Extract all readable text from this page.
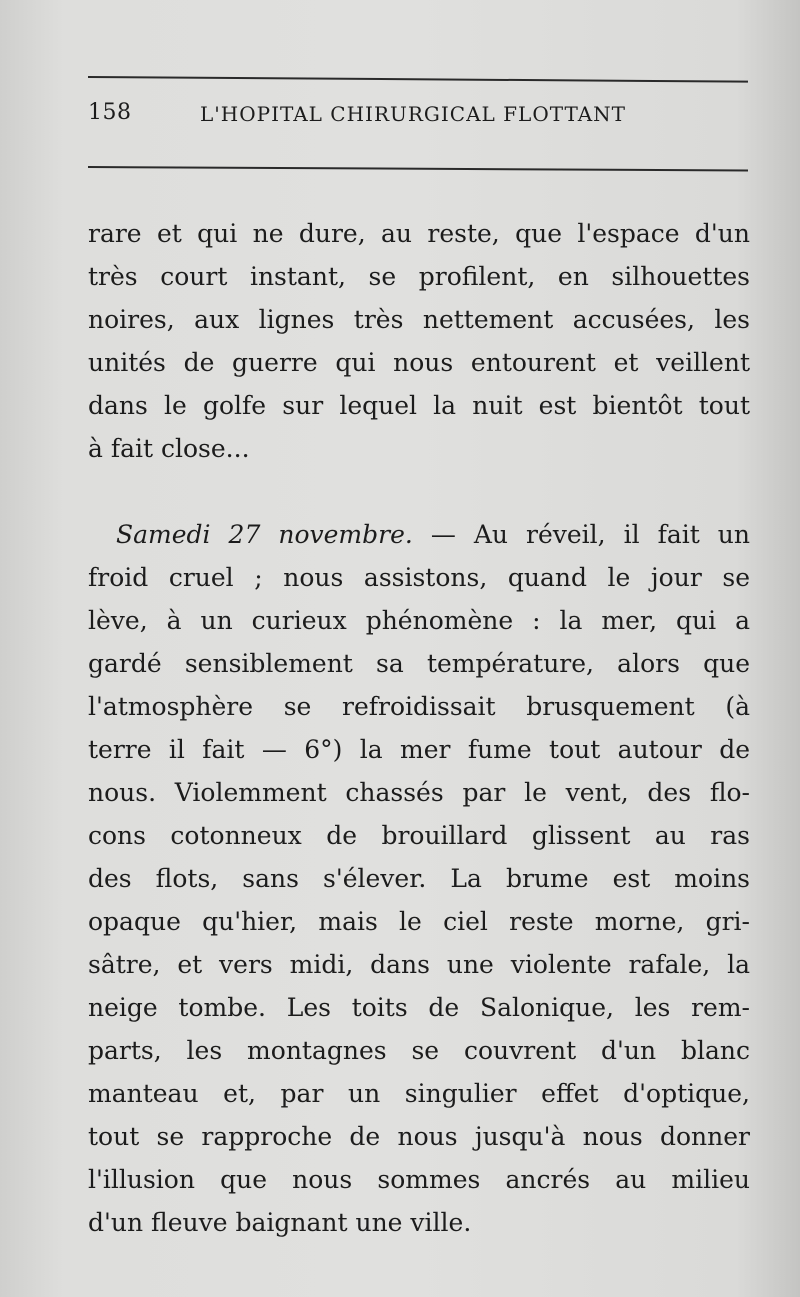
158	L'HOPITAL CHIRURGICAL FLOTTANT
rare et qui ne dure, au reste, que l'espace d'un
très court instant, se profilent, en silhouettes
noires, aux lignes très nettement accusées, les
unités de guerre qui nous entourent et veillent
dans le golfe sur lequel la nuit est bientôt tout
à fait close...
Samedi 27 novembre. — Au réveil, il fait un
froid cruel ; nous assistons, quand le jour se
lève, à un curieux phénomène : la mer, qui a
gardé sensiblement sa température, alors que
l'atmosphère se refroidissait brusquement (à
terre il fait — 6°) la mer fume tout autour de
nous. Violemment chassés par le vent, des flo-
cons cotonneux de brouillard glissent au ras
des flots, sans s'élever. La brume est moins
opaque qu'hier, mais le ciel reste morne, gri-
sâtre, et vers midi, dans une violente rafale, la
neige tombe. Les toits de Salonique, les rem-
parts, les montagnes se couvrent d'un blanc
manteau et, par un singulier effet d'optique,
tout se rapproche de nous jusqu'à nous donner
l'illusion que nous sommes ancrés au milieu
d'un fleuve baignant une ville.
